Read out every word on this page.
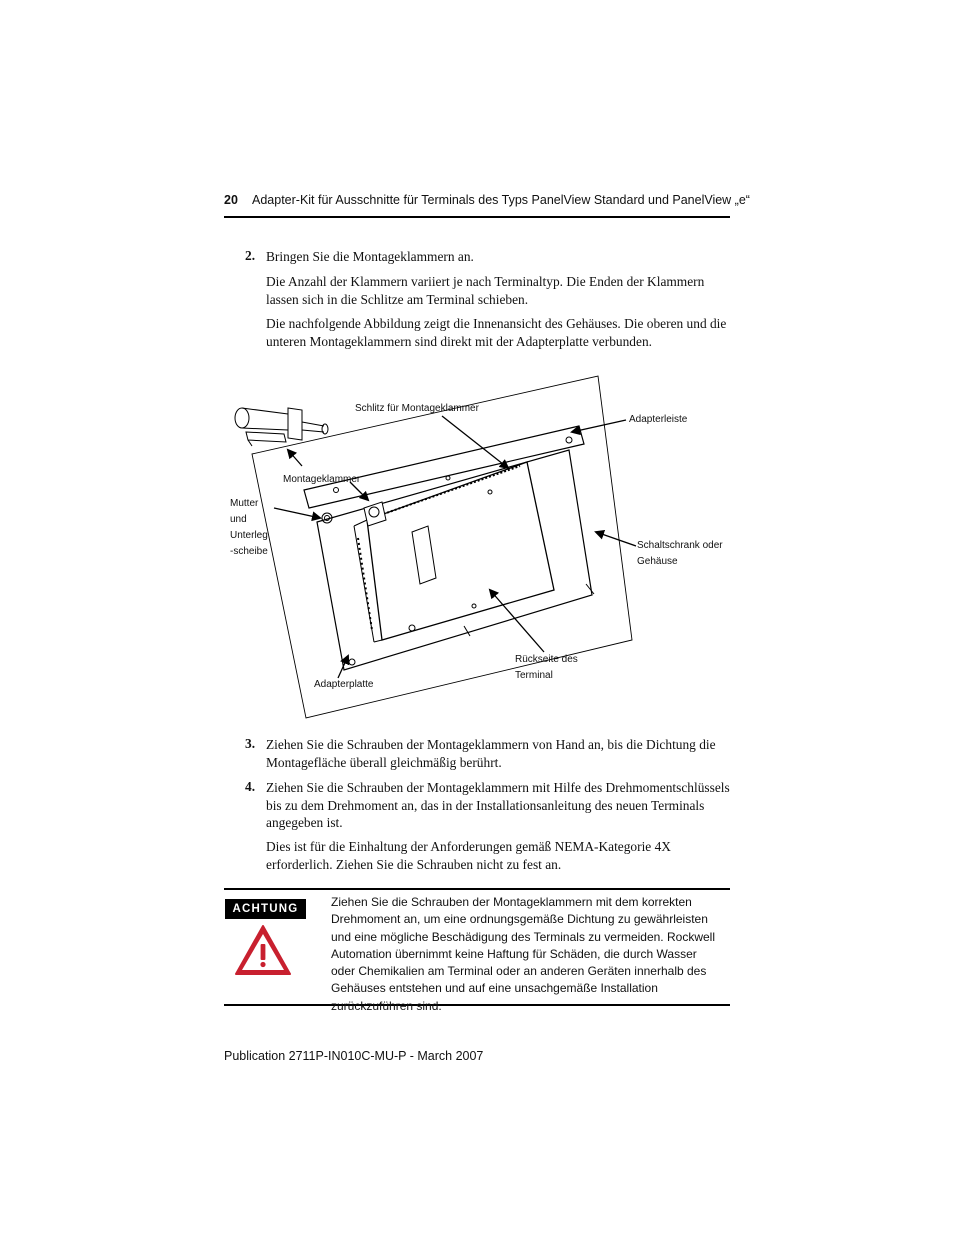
20 Adapter-Kit für Ausschnitte für Terminals des Typs PanelView Standard und PanelView „e“
2. Bringen Sie die Montageklammern an.
Die Anzahl der Klammern variiert je nach Terminaltyp. Die Enden der Klammern lassen sich in die Schlitze am Terminal schieben.
Die nachfolgende Abbildung zeigt die Innenansicht des Gehäuses. Die oberen und die unteren Montageklammern sind direkt mit der Adapterplatte verbunden.
Schlitz für Montageklammer
Adapterleiste
Montageklammer
Mutter
und
Unterleg
-scheibe
Schaltschrank oder
Gehäuse
Rückseite des
Terminal
Adapterplatte
3. Ziehen Sie die Schrauben der Montageklammern von Hand an, bis die Dichtung die Montagefläche überall gleichmäßig berührt.
4. Ziehen Sie die Schrauben der Montageklammern mit Hilfe des Drehmomentschlüssels bis zu dem Drehmoment an, das in der Installationsanleitung des neuen Terminals angegeben ist.
Dies ist für die Einhaltung der Anforderungen gemäß NEMA-Kategorie 4X erforderlich. Ziehen Sie die Schrauben nicht zu fest an.
ACHTUNG	Ziehen Sie die Schrauben der Montageklammern mit dem korrekten Drehmoment an, um eine ordnungsgemäße Dichtung zu gewährleisten und eine mögliche Beschädigung des Terminals zu vermeiden. Rockwell Automation übernimmt keine Haftung für Schäden, die durch Wasser oder Chemikalien am Terminal oder an anderen Geräten innerhalb des Gehäuses entstehen und auf eine unsachgemäße Installation zurückzuführen sind.
Publication 2711P-IN010C-MU-P - March 2007
